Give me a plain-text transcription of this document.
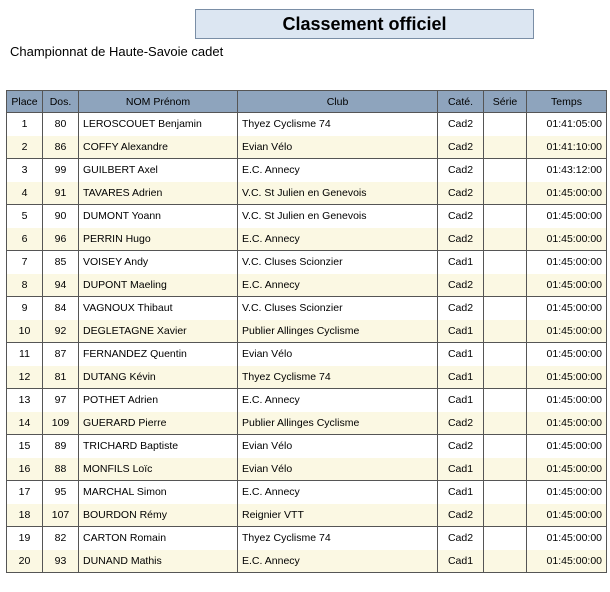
Classement officiel
Championnat de Haute-Savoie cadet
Place	Dos.	NOM Prénom	Club	Caté.	Série	Temps
1	80	LEROSCOUET Benjamin	Thyez Cyclisme 74	Cad2		01:41:05:00
2	86	COFFY Alexandre	Evian Vélo	Cad2		01:41:10:00
3	99	GUILBERT Axel	E.C. Annecy	Cad2		01:43:12:00
4	91	TAVARES Adrien	V.C. St Julien en Genevois	Cad2		01:45:00:00
5	90	DUMONT Yoann	V.C. St Julien en Genevois	Cad2		01:45:00:00
6	96	PERRIN Hugo	E.C. Annecy	Cad2		01:45:00:00
7	85	VOISEY Andy	V.C. Cluses Scionzier	Cad1		01:45:00:00
8	94	DUPONT Maeling	E.C. Annecy	Cad2		01:45:00:00
9	84	VAGNOUX Thibaut	V.C. Cluses Scionzier	Cad2		01:45:00:00
10	92	DEGLETAGNE Xavier	Publier Allinges Cyclisme	Cad1		01:45:00:00
11	87	FERNANDEZ Quentin	Evian Vélo	Cad1		01:45:00:00
12	81	DUTANG Kévin	Thyez Cyclisme 74	Cad1		01:45:00:00
13	97	POTHET Adrien	E.C. Annecy	Cad1		01:45:00:00
14	109	GUERARD Pierre	Publier Allinges Cyclisme	Cad2		01:45:00:00
15	89	TRICHARD Baptiste	Evian Vélo	Cad2		01:45:00:00
16	88	MONFILS Loïc	Evian Vélo	Cad1		01:45:00:00
17	95	MARCHAL Simon	E.C. Annecy	Cad1		01:45:00:00
18	107	BOURDON Rémy	Reignier VTT	Cad2		01:45:00:00
19	82	CARTON Romain	Thyez Cyclisme 74	Cad2		01:45:00:00
20	93	DUNAND Mathis	E.C. Annecy	Cad1		01:45:00:00
